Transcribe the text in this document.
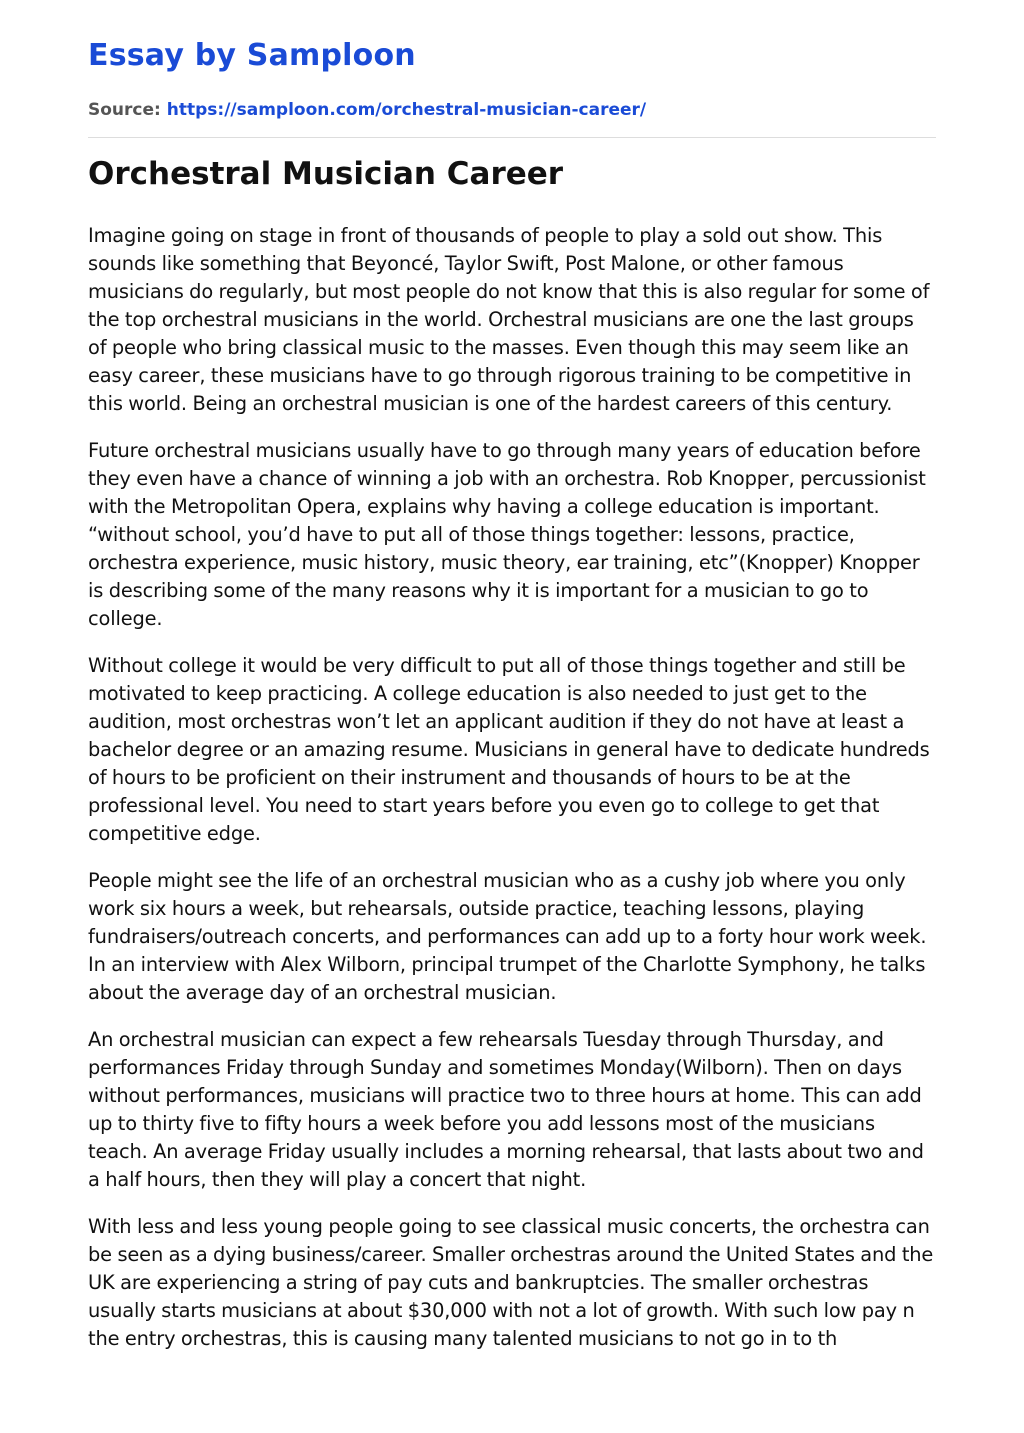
Essay by Samploon
Source: https://samploon.com/orchestral-musician-career/
Orchestral Musician Career

Imagine going on stage in front of thousands of people to play a sold out show. This sounds like something that Beyoncé, Taylor Swift, Post Malone, or other famous musicians do regularly, but most people do not know that this is also regular for some of the top orchestral musicians in the world. Orchestral musicians are one the last groups of people who bring classical music to the masses. Even though this may seem like an easy career, these musicians have to go through rigorous training to be competitive in this world. Being an orchestral musician is one of the hardest careers of this century.

Future orchestral musicians usually have to go through many years of education before they even have a chance of winning a job with an orchestra. Rob Knopper, percussionist with the Metropolitan Opera, explains why having a college education is important. “without school, you’d have to put all of those things together: lessons, practice, orchestra experience, music history, music theory, ear training, etc”(Knopper) Knopper is describing some of the many reasons why it is important for a musician to go to college.

Without college it would be very difficult to put all of those things together and still be motivated to keep practicing. A college education is also needed to just get to the audition, most orchestras won’t let an applicant audition if they do not have at least a bachelor degree or an amazing resume. Musicians in general have to dedicate hundreds of hours to be proficient on their instrument and thousands of hours to be at the professional level. You need to start years before you even go to college to get that competitive edge.

People might see the life of an orchestral musician who as a cushy job where you only work six hours a week, but rehearsals, outside practice, teaching lessons, playing fundraisers/outreach concerts, and performances can add up to a forty hour work week. In an interview with Alex Wilborn, principal trumpet of the Charlotte Symphony, he talks about the average day of an orchestral musician.

An orchestral musician can expect a few rehearsals Tuesday through Thursday, and performances Friday through Sunday and sometimes Monday(Wilborn). Then on days without performances, musicians will practice two to three hours at home. This can add up to thirty five to fifty hours a week before you add lessons most of the musicians teach. An average Friday usually includes a morning rehearsal, that lasts about two and a half hours, then they will play a concert that night.

With less and less young people going to see classical music concerts, the orchestra can be seen as a dying business/career. Smaller orchestras around the United States and the UK are experiencing a string of pay cuts and bankruptcies. The smaller orchestras usually starts musicians at about $30,000 with not a lot of growth. With such low pay n the entry orchestras, this is causing many talented musicians to not go in to th
